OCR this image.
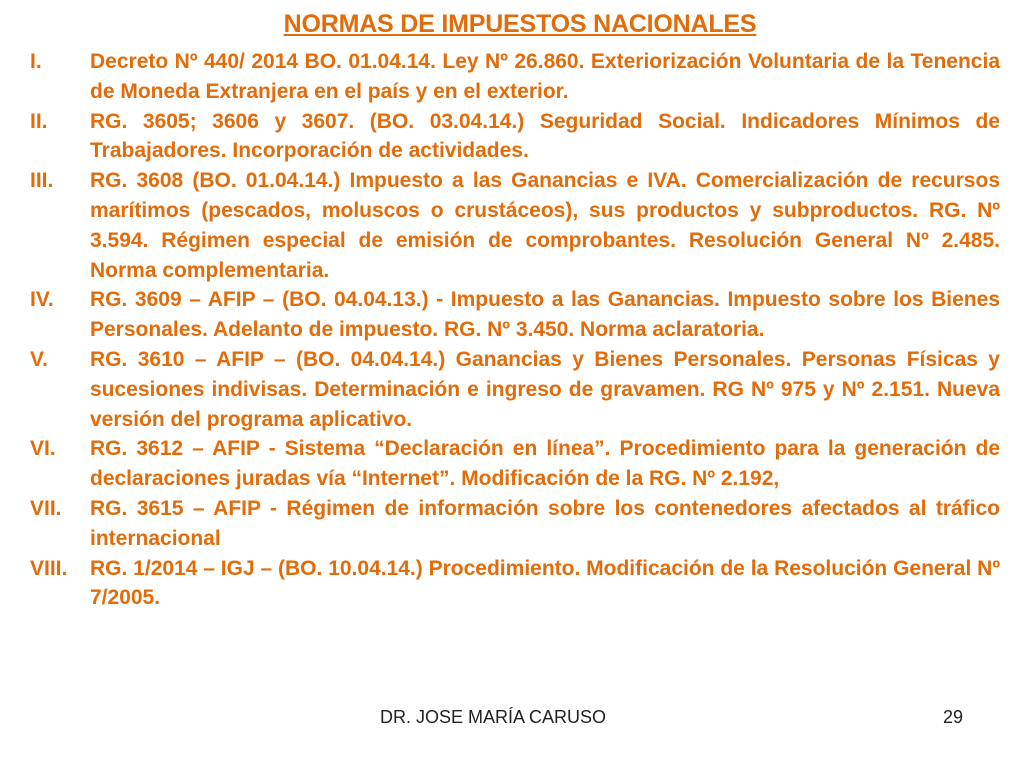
NORMAS DE IMPUESTOS NACIONALES
I.	Decreto Nº 440/ 2014 BO. 01.04.14. Ley Nº 26.860. Exteriorización Voluntaria de la Tenencia de Moneda Extranjera en el país y en el exterior.
II.	RG. 3605; 3606 y 3607. (BO. 03.04.14.) Seguridad Social. Indicadores Mínimos de Trabajadores. Incorporación de actividades.
III.	RG. 3608 (BO. 01.04.14.) Impuesto a las Ganancias e IVA. Comercialización de recursos marítimos (pescados, moluscos o crustáceos), sus productos y subproductos. RG. Nº 3.594. Régimen especial de emisión de comprobantes. Resolución General Nº 2.485. Norma complementaria.
IV.	RG. 3609 – AFIP – (BO. 04.04.13.) - Impuesto a las Ganancias. Impuesto sobre los Bienes Personales. Adelanto de impuesto. RG. Nº 3.450. Norma aclaratoria.
V.	RG. 3610 – AFIP – (BO. 04.04.14.) Ganancias y Bienes Personales. Personas Físicas y sucesiones indivisas. Determinación e ingreso de gravamen. RG Nº 975 y Nº 2.151. Nueva versión del programa aplicativo.
VI.	RG. 3612 – AFIP - Sistema “Declaración en línea”. Procedimiento para la generación de declaraciones juradas vía “Internet”. Modificación de la RG. Nº 2.192,
VII.	RG. 3615 – AFIP - Régimen de información sobre los contenedores afectados al tráfico internacional
VIII.	RG. 1/2014 – IGJ – (BO. 10.04.14.) Procedimiento. Modificación de la Resolución General Nº 7/2005.
DR. JOSE MARÍA CARUSO	29
